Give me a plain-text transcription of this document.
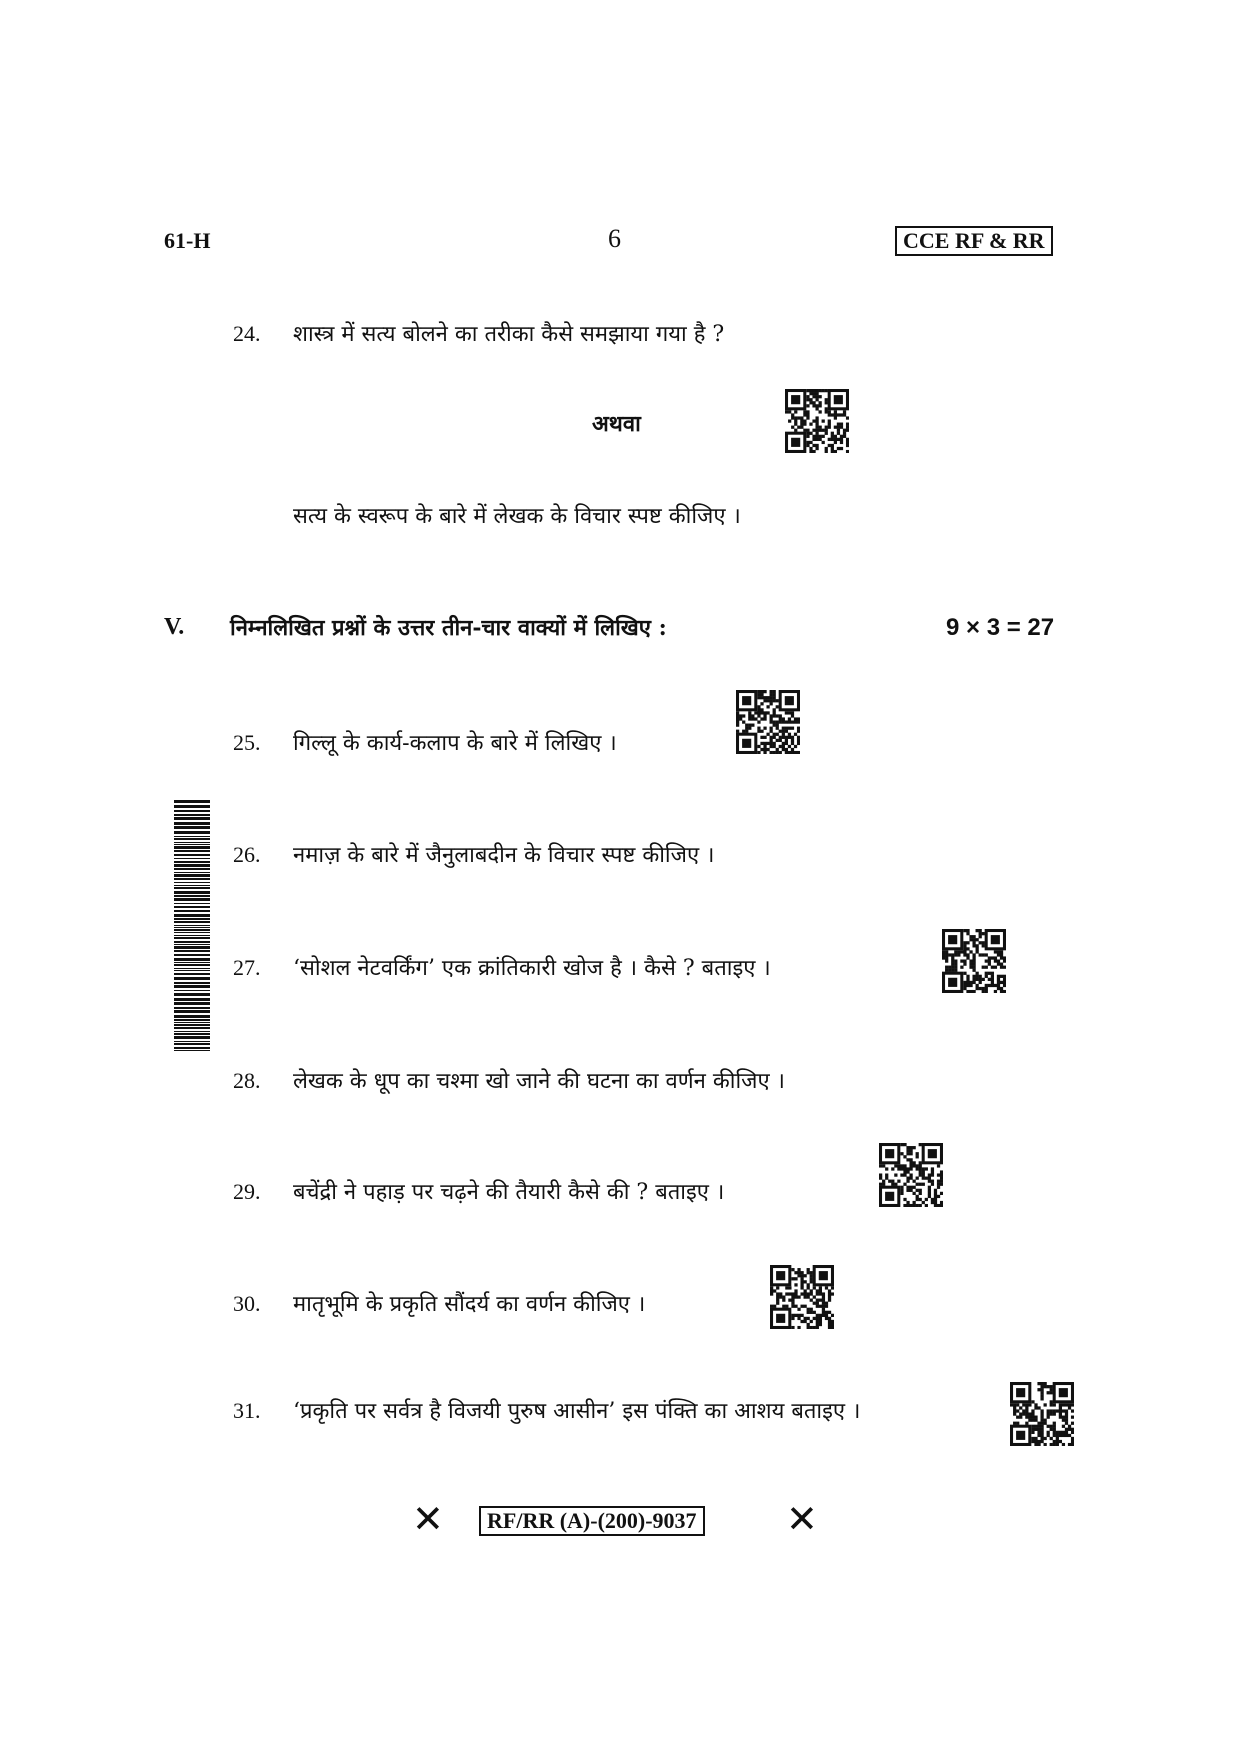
61-H	6	CCE RF & RR
24. शास्त्र में सत्य बोलने का तरीका कैसे समझाया गया है ?
अथवा
सत्य के स्वरूप के बारे में लेखक के विचार स्पष्ट कीजिए ।
V. निम्नलिखित प्रश्नों के उत्तर तीन-चार वाक्यों में लिखिए :	9 × 3 = 27
25. गिल्लू के कार्य-कलाप के बारे में लिखिए ।
26. नमाज़ के बारे में जैनुलाबदीन के विचार स्पष्ट कीजिए ।
27. ‘सोशल नेटवर्किंग’ एक क्रांतिकारी खोज है । कैसे ? बताइए ।
28. लेखक के धूप का चश्मा खो जाने की घटना का वर्णन कीजिए ।
29. बचेंद्री ने पहाड़ पर चढ़ने की तैयारी कैसे की ? बताइए ।
30. मातृभूमि के प्रकृति सौंदर्य का वर्णन कीजिए ।
31. ‘प्रकृति पर सर्वत्र है विजयी पुरुष आसीन’ इस पंक्ति का आशय बताइए ।
✕	RF/RR (A)-(200)-9037 ✕
